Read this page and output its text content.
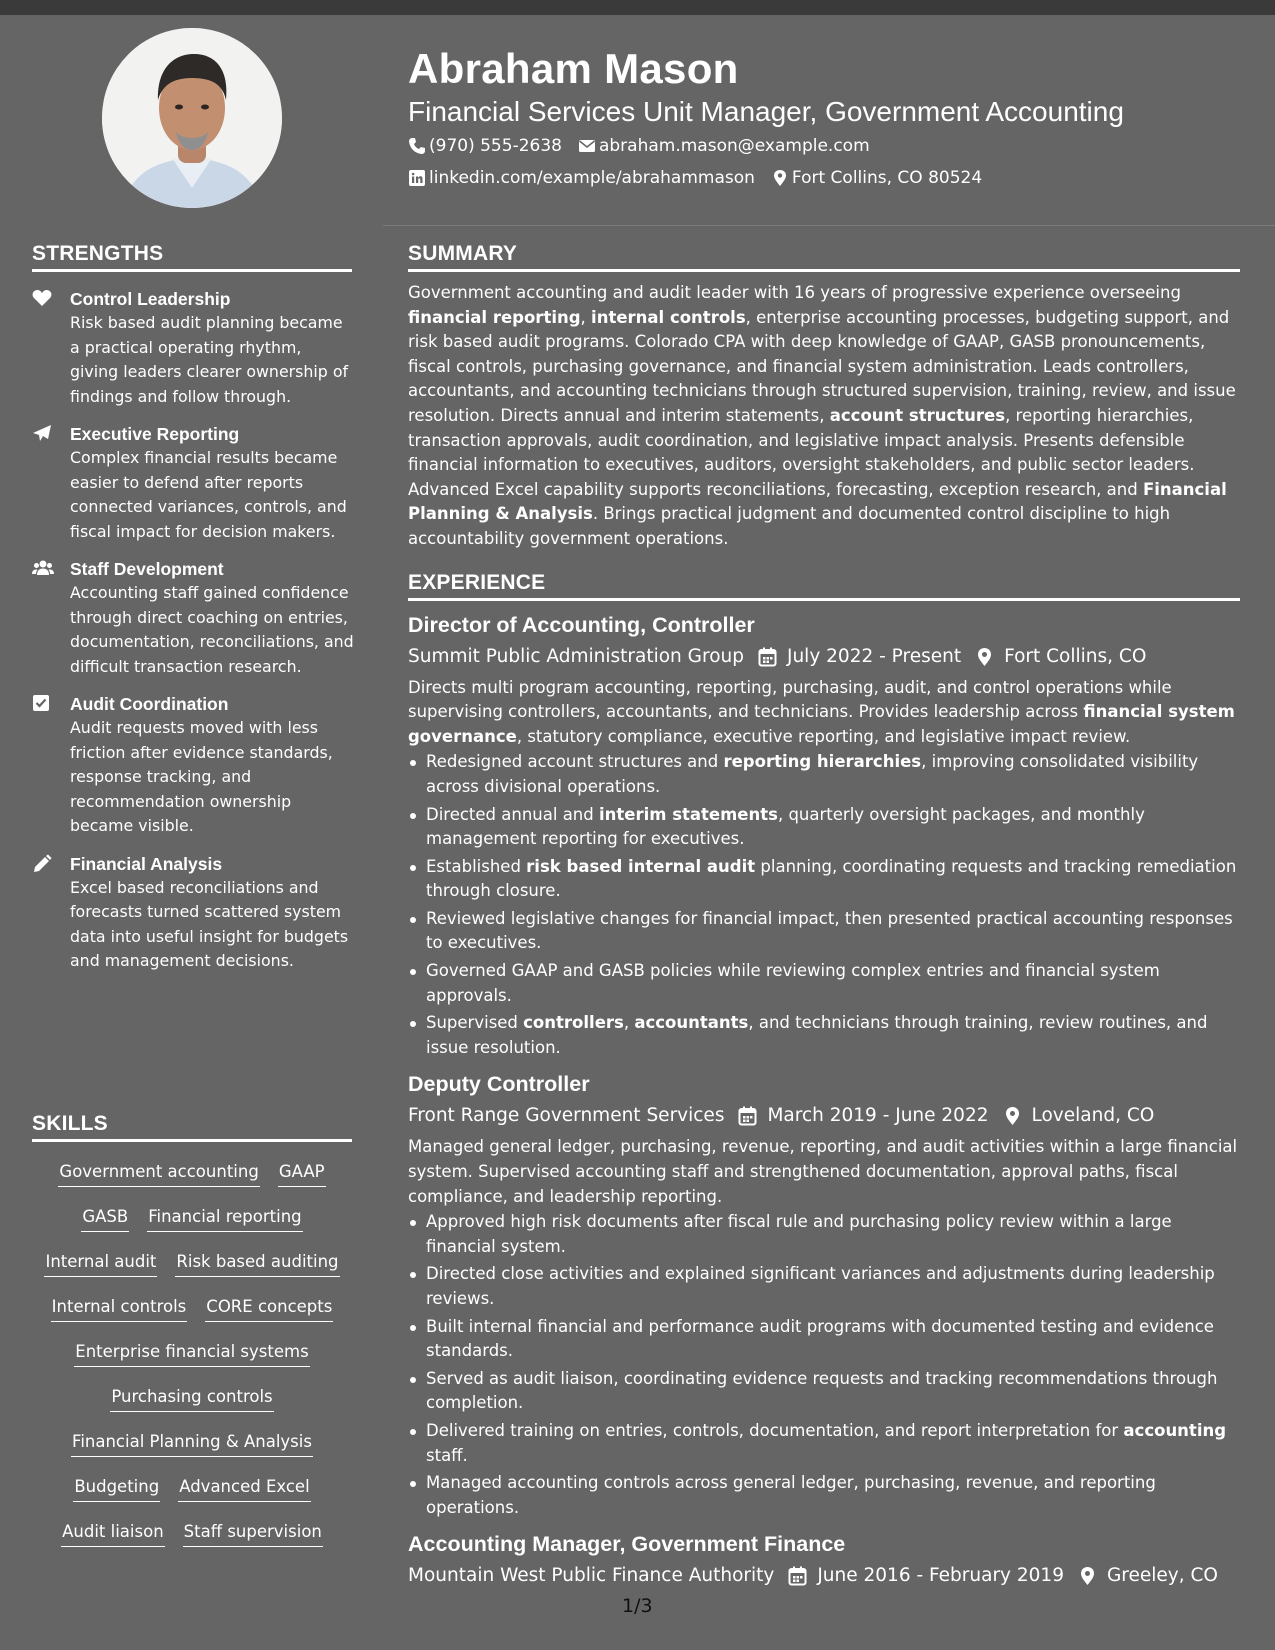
STRENGTHS
Control Leadership
Risk based audit planning became a practical operating rhythm, giving leaders clearer ownership of findings and follow through.
Executive Reporting
Complex financial results became easier to defend after reports connected variances, controls, and fiscal impact for decision makers.
Staff Development
Accounting staff gained confidence through direct coaching on entries, documentation, reconciliations, and difficult transaction research.
Audit Coordination
Audit requests moved with less friction after evidence standards, response tracking, and recommendation ownership became visible.
Financial Analysis
Excel based reconciliations and forecasts turned scattered system data into useful insight for budgets and management decisions.
SKILLS
Government accounting GAAP
GASB Financial reporting
Internal audit Risk based auditing
Internal controls CORE concepts
Enterprise financial systems
Purchasing controls
Financial Planning & Analysis
Budgeting Advanced Excel
Audit liaison Staff supervision
Abraham Mason
Financial Services Unit Manager, Government Accounting
(970) 555-2638 abraham.mason@example.com
linkedin.com/example/abrahammason Fort Collins, CO 80524
SUMMARY

Government accounting and audit leader with 16 years of progressive experience overseeing financial reporting, internal controls, enterprise accounting processes, budgeting support, and risk based audit programs. Colorado CPA with deep knowledge of GAAP, GASB pronouncements, fiscal controls, purchasing governance, and financial system administration. Leads controllers, accountants, and accounting technicians through structured supervision, training, review, and issue resolution. Directs annual and interim statements, account structures, reporting hierarchies, transaction approvals, audit coordination, and legislative impact analysis. Presents defensible financial information to executives, auditors, oversight stakeholders, and public sector leaders. Advanced Excel capability supports reconciliations, forecasting, exception research, and Financial Planning & Analysis. Brings practical judgment and documented control discipline to high accountability government operations.

EXPERIENCE
Director of Accounting, Controller
Summit Public Administration Group July 2022 - Present Fort Collins, CO
Directs multi program accounting, reporting, purchasing, audit, and control operations while supervising controllers, accountants, and technicians. Provides leadership across financial system governance, statutory compliance, executive reporting, and legislative impact review.
Redesigned account structures and reporting hierarchies, improving consolidated visibility across divisional operations.
Directed annual and interim statements, quarterly oversight packages, and monthly management reporting for executives.
Established risk based internal audit planning, coordinating requests and tracking remediation through closure.
Reviewed legislative changes for financial impact, then presented practical accounting responses to executives.
Governed GAAP and GASB policies while reviewing complex entries and financial system approvals.
Supervised controllers, accountants, and technicians through training, review routines, and issue resolution.
Deputy Controller
Front Range Government Services March 2019 - June 2022 Loveland, CO
Managed general ledger, purchasing, revenue, reporting, and audit activities within a large financial system. Supervised accounting staff and strengthened documentation, approval paths, fiscal compliance, and leadership reporting.
Approved high risk documents after fiscal rule and purchasing policy review within a large financial system.
Directed close activities and explained significant variances and adjustments during leadership reviews.
Built internal financial and performance audit programs with documented testing and evidence standards.
Served as audit liaison, coordinating evidence requests and tracking recommendations through completion.
Delivered training on entries, controls, documentation, and report interpretation for accounting staff.
Managed accounting controls across general ledger, purchasing, revenue, and reporting operations.
Accounting Manager, Government Finance
Mountain West Public Finance Authority June 2016 - February 2019 Greeley, CO
1/3
